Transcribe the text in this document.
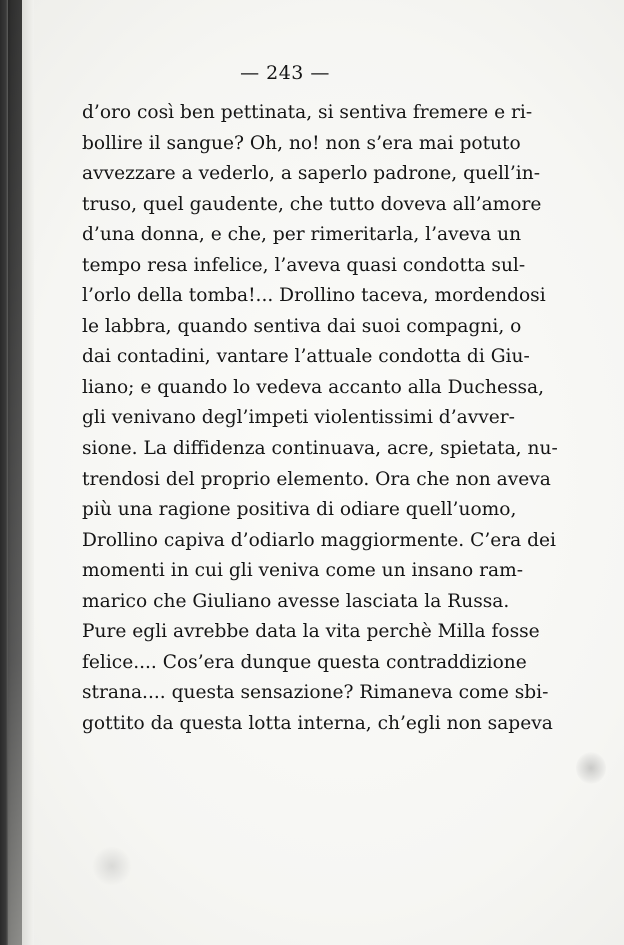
— 243 —
d’oro così ben pettinata, si sentiva fremere e ri-
bollire il sangue? Oh, no! non s’era mai potuto
avvezzare a vederlo, a saperlo padrone, quell’in-
truso, quel gaudente, che tutto doveva all’amore
d’una donna, e che, per rimeritarla, l’aveva un
tempo resa infelice, l’aveva quasi condotta sul-
l’orlo della tomba!... Drollino taceva, mordendosi
le labbra, quando sentiva dai suoi compagni, o
dai contadini, vantare l’attuale condotta di Giu-
liano; e quando lo vedeva accanto alla Duchessa,
gli venivano degl’impeti violentissimi d’avver-
sione. La diffidenza continuava, acre, spietata, nu-
trendosi del proprio elemento. Ora che non aveva
più una ragione positiva di odiare quell’uomo,
Drollino capiva d’odiarlo maggiormente. C’era dei
momenti in cui gli veniva come un insano ram-
marico che Giuliano avesse lasciata la Russa.
Pure egli avrebbe data la vita perchè Milla fosse
felice.... Cos’era dunque questa contraddizione
strana.... questa sensazione? Rimaneva come sbi-
gottito da questa lotta interna, ch’egli non sapeva
